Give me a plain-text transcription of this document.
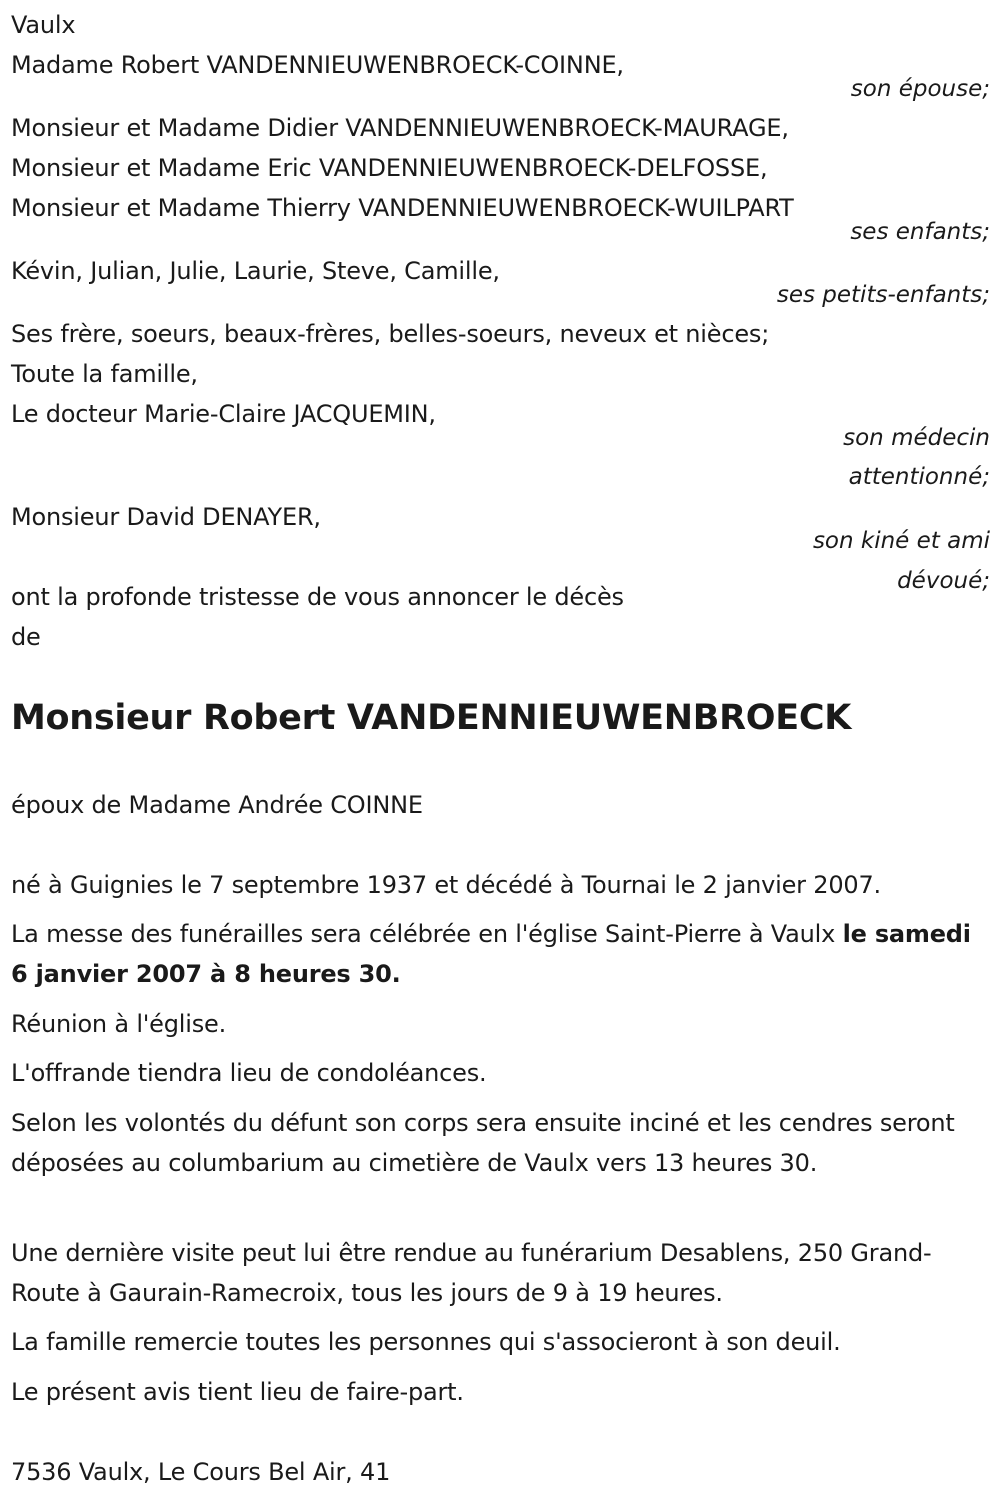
Vaulx
Madame Robert VANDENNIEUWENBROECK-COINNE,
son épouse;
Monsieur et Madame Didier VANDENNIEUWENBROECK-MAURAGE,
Monsieur et Madame Eric VANDENNIEUWENBROECK-DELFOSSE,
Monsieur et Madame Thierry VANDENNIEUWENBROECK-WUILPART
ses enfants;
Kévin, Julian, Julie, Laurie, Steve, Camille,
ses petits-enfants;
Ses frère, soeurs, beaux-frères, belles-soeurs, neveux et nièces;
Toute la famille,
Le docteur Marie-Claire JACQUEMIN,
son médecin
attentionné;
Monsieur David DENAYER,
son kiné et ami
dévoué;
ont la profonde tristesse de vous annoncer le décès
de
Monsieur Robert VANDENNIEUWENBROECK
époux de Madame Andrée COINNE
né à Guignies le 7 septembre 1937 et décédé à Tournai le 2 janvier 2007.
La messe des funérailles sera célébrée en l'église Saint-Pierre à Vaulx le samedi 6 janvier 2007 à 8 heures 30.
Réunion à l'église.
L'offrande tiendra lieu de condoléances.
Selon les volontés du défunt son corps sera ensuite inciné et les cendres seront déposées au columbarium au cimetière de Vaulx vers 13 heures 30.
Une dernière visite peut lui être rendue au funérarium Desablens, 250 Grand-Route à Gaurain-Ramecroix, tous les jours de 9 à 19 heures.
La famille remercie toutes les personnes qui s'associeront à son deuil.
Le présent avis tient lieu de faire-part.
7536 Vaulx, Le Cours Bel Air, 41
